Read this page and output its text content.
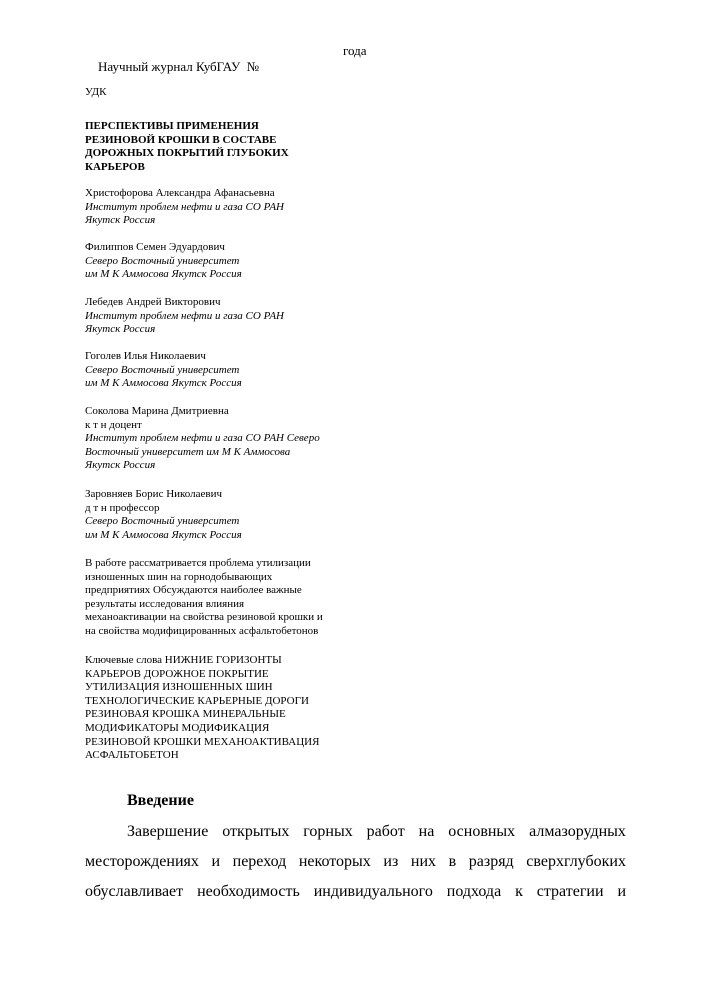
Научный журнал КубГАУ  №

года

УДК
ПЕРСПЕКТИВЫ ПРИМЕНЕНИЯ
РЕЗИНОВОЙ КРОШКИ В СОСТАВЕ
ДОРОЖНЫХ ПОКРЫТИЙ ГЛУБОКИХ
КАРЬЕРОВ
Христофорова Александра Афанасьевна
Институт проблем нефти и газа СО РАН
Якутск Россия
Филиппов Семен Эдуардович
Северо Восточный университет
им М К Аммосова Якутск Россия
Лебедев Андрей Викторович
Институт проблем нефти и газа СО РАН
Якутск Россия
Гоголев Илья Николаевич
Северо Восточный университет
им М К Аммосова Якутск Россия
Соколова Марина Дмитриевна
к т н доцент
Институт проблем нефти и газа СО РАН Северо
Восточный университет им М К Аммосова
Якутск Россия
Заровняев Борис Николаевич
д т н профессор
Северо Восточный университет
им М К Аммосова Якутск Россия
В работе рассматривается проблема утилизации
изношенных шин на горнодобывающих
предприятиях Обсуждаются наиболее важные
результаты исследования влияния
механоактивации на свойства резиновой крошки и
на свойства модифицированных асфальтобетонов
Ключевые слова НИЖНИЕ ГОРИЗОНТЫ
КАРЬЕРОВ ДОРОЖНОЕ ПОКРЫТИЕ
УТИЛИЗАЦИЯ ИЗНОШЕННЫХ ШИН
ТЕХНОЛОГИЧЕСКИЕ КАРЬЕРНЫЕ ДОРОГИ
РЕЗИНОВАЯ КРОШКА МИНЕРАЛЬНЫЕ
МОДИФИКАТОРЫ МОДИФИКАЦИЯ
РЕЗИНОВОЙ КРОШКИ МЕХАНОАКТИВАЦИЯ
АСФАЛЬТОБЕТОН
Введение
Завершение открытых горных работ на основных алмазорудных
месторождениях и переход некоторых из них в разряд сверхглубоких
обуславливает необходимость индивидуального подхода к стратегии и
